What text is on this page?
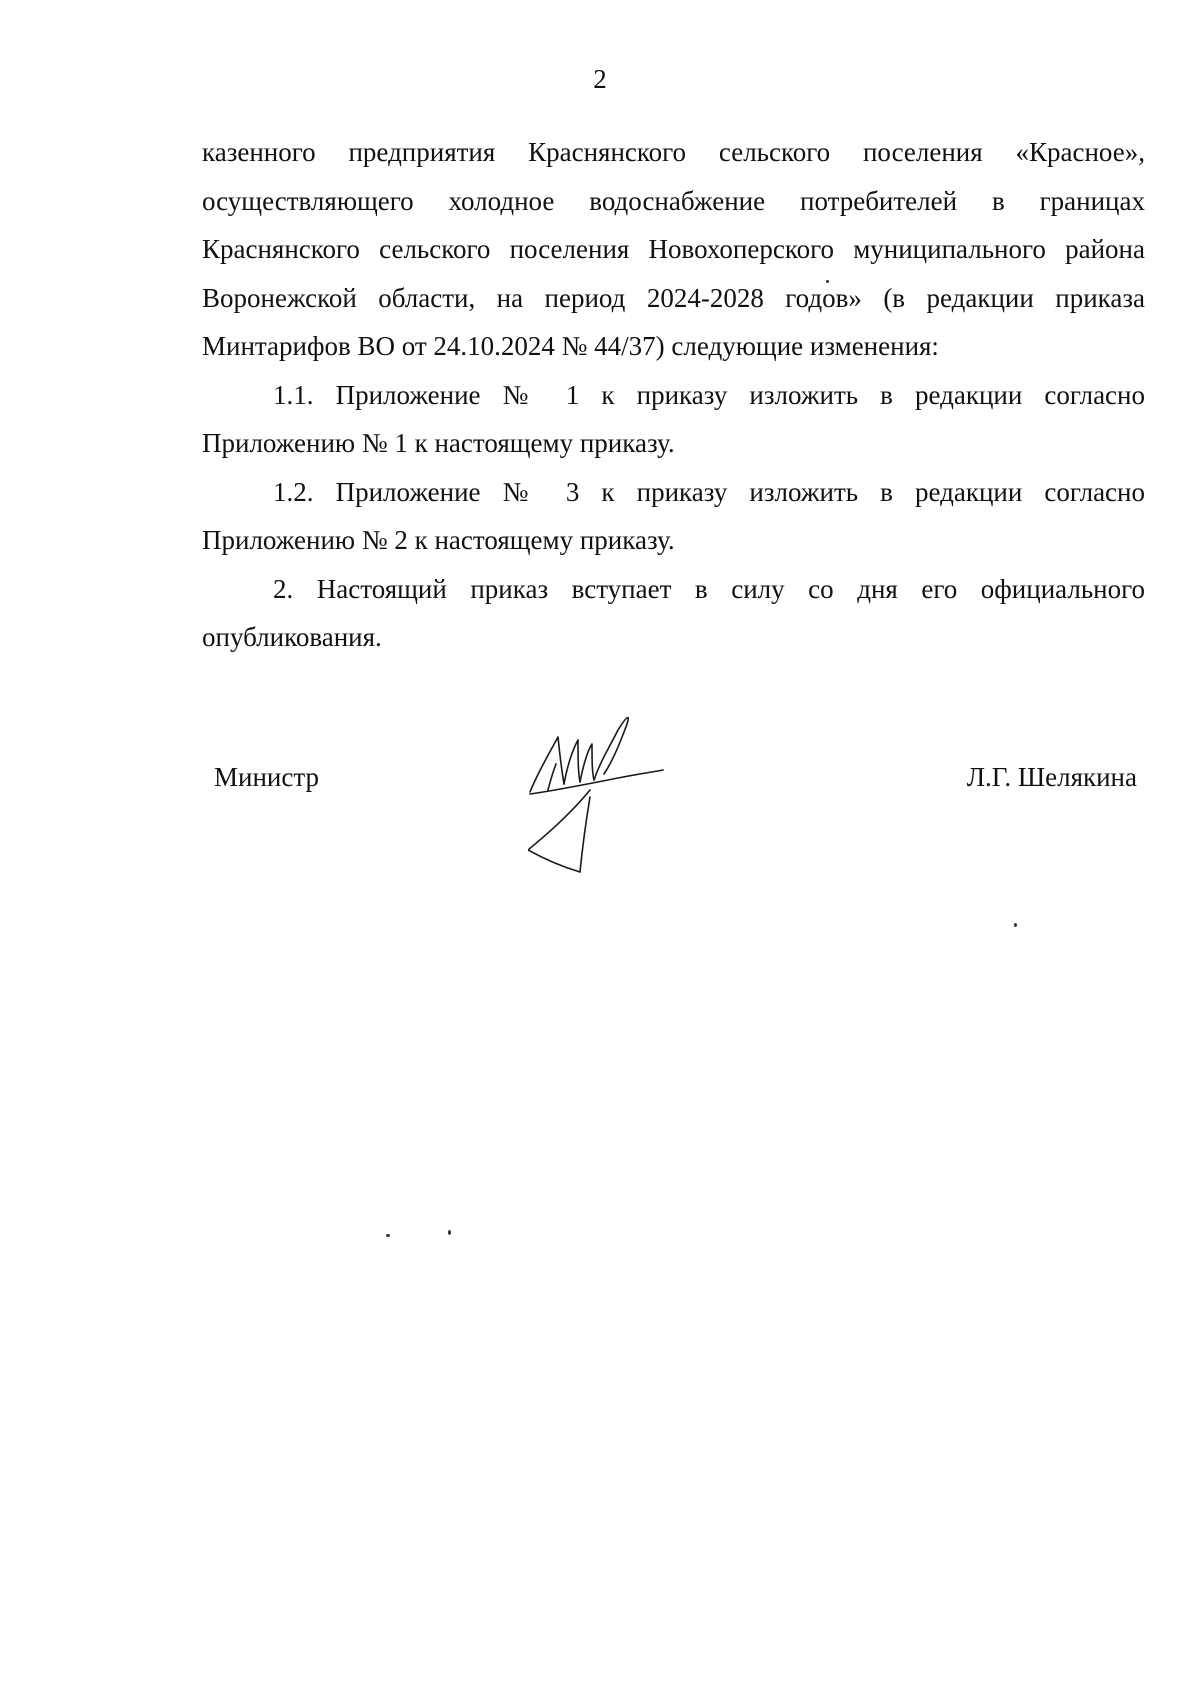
2

казенного предприятия Краснянского сельского поселения «Красное», осуществляющего холодное водоснабжение потребителей в границах Краснянского сельского поселения Новохоперского муниципального района Воронежской области, на период 2024-2028 годов» (в редакции приказа Минтарифов ВО от 24.10.2024 № 44/37) следующие изменения:

1.1. Приложение № 1 к приказу изложить в редакции согласно Приложению № 1 к настоящему приказу.

1.2. Приложение № 3 к приказу изложить в редакции согласно Приложению № 2 к настоящему приказу.

2. Настоящий приказ вступает в силу со дня его официального опубликования.

Министр	Л.Г. Шелякина
